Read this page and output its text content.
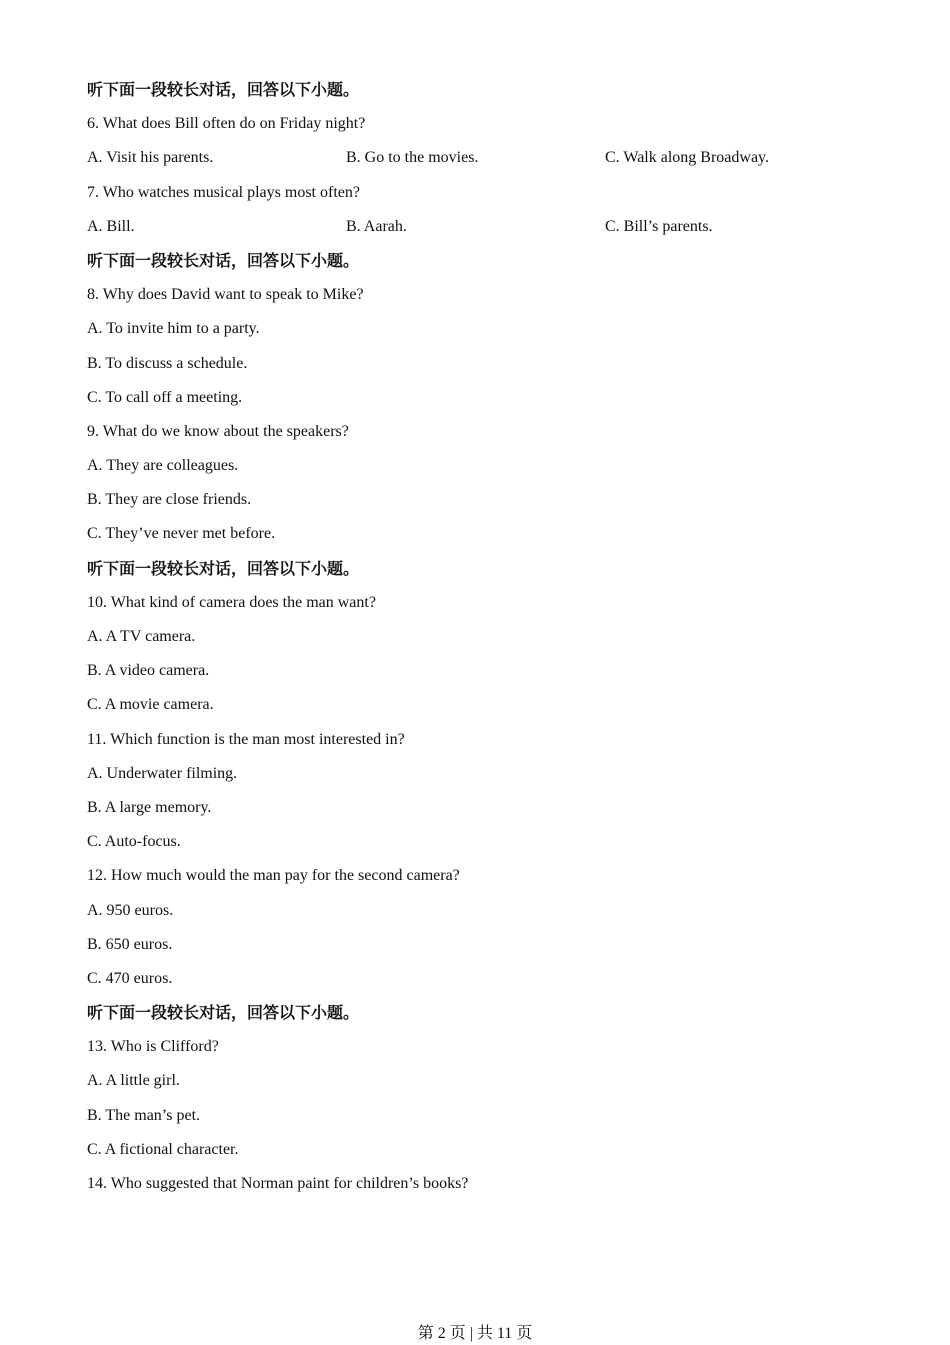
听下面一段较长对话，回答以下小题。
6. What does Bill often do on Friday night?
A. Visit his parents.	B. Go to the movies.	C. Walk along Broadway.
7. Who watches musical plays most often?
A. Bill.	B. Aarah.	C. Bill’s parents.
听下面一段较长对话，回答以下小题。
8. Why does David want to speak to Mike?
A. To invite him to a party.
B. To discuss a schedule.
C. To call off a meeting.
9. What do we know about the speakers?
A. They are colleagues.
B. They are close friends.
C. They’ve never met before.
听下面一段较长对话，回答以下小题。
10. What kind of camera does the man want?
A. A TV camera.
B. A video camera.
C. A movie camera.
11. Which function is the man most interested in?
A. Underwater filming.
B. A large memory.
C. Auto-focus.
12. How much would the man pay for the second camera?
A. 950 euros.
B. 650 euros.
C. 470 euros.
听下面一段较长对话，回答以下小题。
13. Who is Clifford?
A. A little girl.
B. The man’s pet.
C. A fictional character.
14. Who suggested that Norman paint for children’s books?
第 2 页 | 共 11 页
